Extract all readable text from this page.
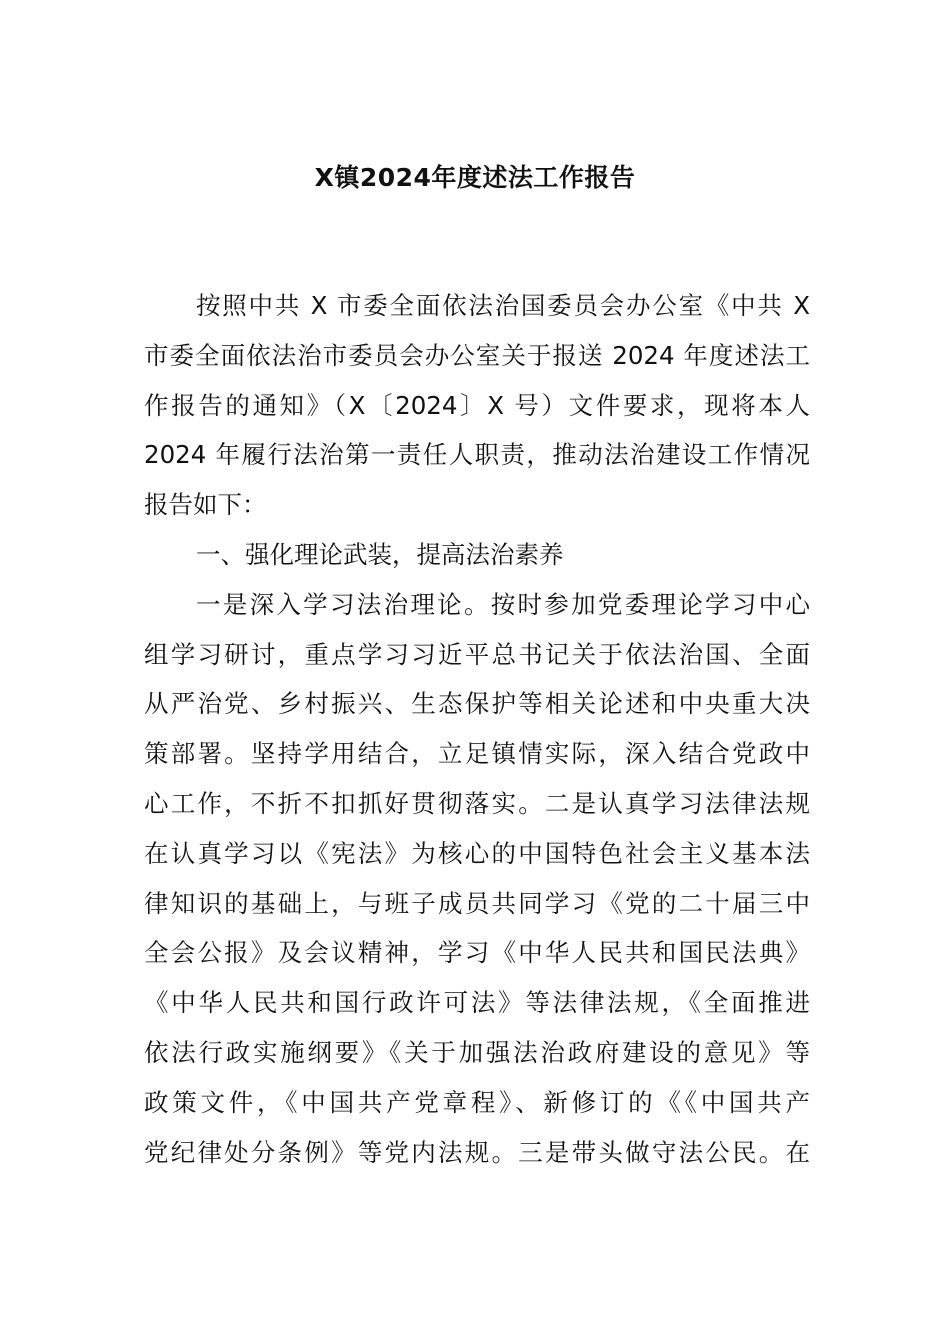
X镇2024年度述法工作报告
按照中共 X 市委全面依法治国委员会办公室《中共 X
市委全面依法治市委员会办公室关于报送 2024 年度述法工
作报告的通知》（X〔2024〕X 号）文件要求，现将本人
2024 年履行法治第一责任人职责，推动法治建设工作情况
报告如下：
一、强化理论武装，提高法治素养
一是深入学习法治理论。按时参加党委理论学习中心
组学习研讨，重点学习习近平总书记关于依法治国、全面
从严治党、乡村振兴、生态保护等相关论述和中央重大决
策部署。坚持学用结合，立足镇情实际，深入结合党政中
心工作，不折不扣抓好贯彻落实。二是认真学习法律法规
在认真学习以《宪法》为核心的中国特色社会主义基本法
律知识的基础上，与班子成员共同学习《党的二十届三中
全会公报》及会议精神，学习《中华人民共和国民法典》
《中华人民共和国行政许可法》等法律法规，《全面推进
依法行政实施纲要》《关于加强法治政府建设的意见》等
政策文件，《中国共产党章程》、新修订的《《中国共产
党纪律处分条例》等党内法规。三是带头做守法公民。在
